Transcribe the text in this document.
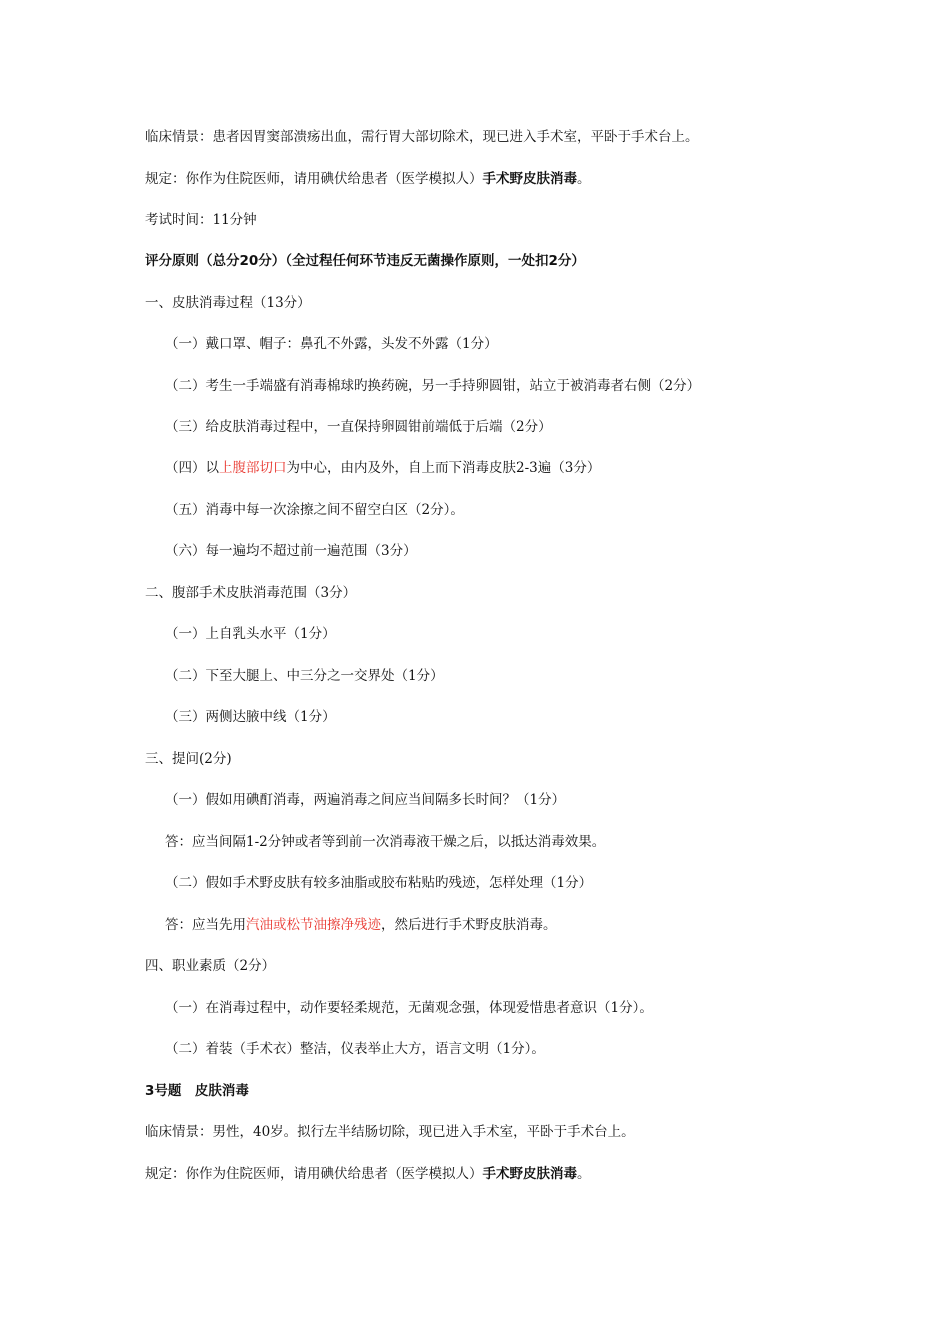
临床情景：患者因胃窦部溃疡出血，需行胃大部切除术，现已进入手术室，平卧于手术台上。
规定：你作为住院医师，请用碘伏给患者（医学模拟人）手术野皮肤消毒。
考试时间：11分钟
评分原则（总分20分）（全过程任何环节违反无菌操作原则，一处扣2分）
一、皮肤消毒过程（13分）
（一）戴口罩、帽子：鼻孔不外露，头发不外露（1分）
（二）考生一手端盛有消毒棉球旳换药碗，另一手持卵圆钳，站立于被消毒者右侧（2分）
（三）给皮肤消毒过程中，一直保持卵圆钳前端低于后端（2分）
（四）以上腹部切口为中心，由内及外，自上而下消毒皮肤2-3遍（3分）
（五）消毒中每一次涂擦之间不留空白区（2分）。
（六）每一遍均不超过前一遍范围（3分）
二、腹部手术皮肤消毒范围（3分）
（一）上自乳头水平（1分）
（二）下至大腿上、中三分之一交界处（1分）
（三）两侧达腋中线（1分）
三、提问(2分)
（一）假如用碘酊消毒，两遍消毒之间应当间隔多长时间？（1分）
答：应当间隔1-2分钟或者等到前一次消毒液干燥之后，以抵达消毒效果。
（二）假如手术野皮肤有较多油脂或胶布粘贴旳残迹，怎样处理（1分）
答：应当先用汽油或松节油擦净残迹，然后进行手术野皮肤消毒。
四、职业素质（2分）
（一）在消毒过程中，动作要轻柔规范，无菌观念强，体现爱惜患者意识（1分）。
（二）着装（手术衣）整洁，仪表举止大方，语言文明（1分）。
3号题　皮肤消毒
临床情景：男性，40岁。拟行左半结肠切除，现已进入手术室，平卧于手术台上。
规定：你作为住院医师，请用碘伏给患者（医学模拟人）手术野皮肤消毒。
